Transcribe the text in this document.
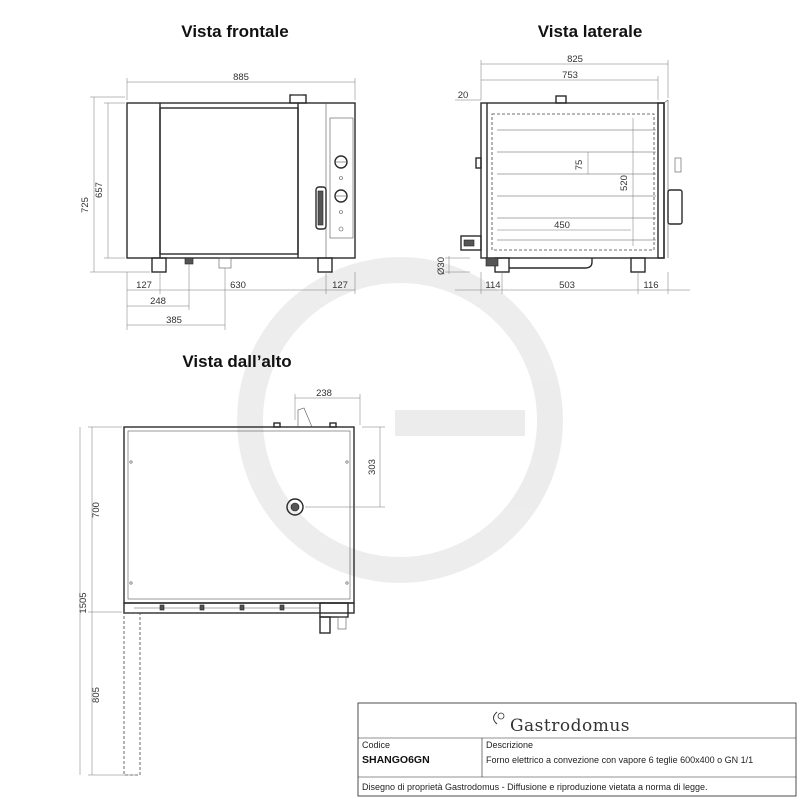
Vista frontale	Vista laterale
Vista dall’alto
885
725
657
127	630	127
248
385
825
753
20
75
520
450
Ø30
114	503	116
238
303
700
805
1505
Gastrodomus
Codice
SHANGO6GN
Descrizione
Forno elettrico a convezione con vapore 6 teglie 600x400 o GN 1/1
Disegno di proprietà Gastrodomus - Diffusione e riproduzione vietata a norma di legge.
